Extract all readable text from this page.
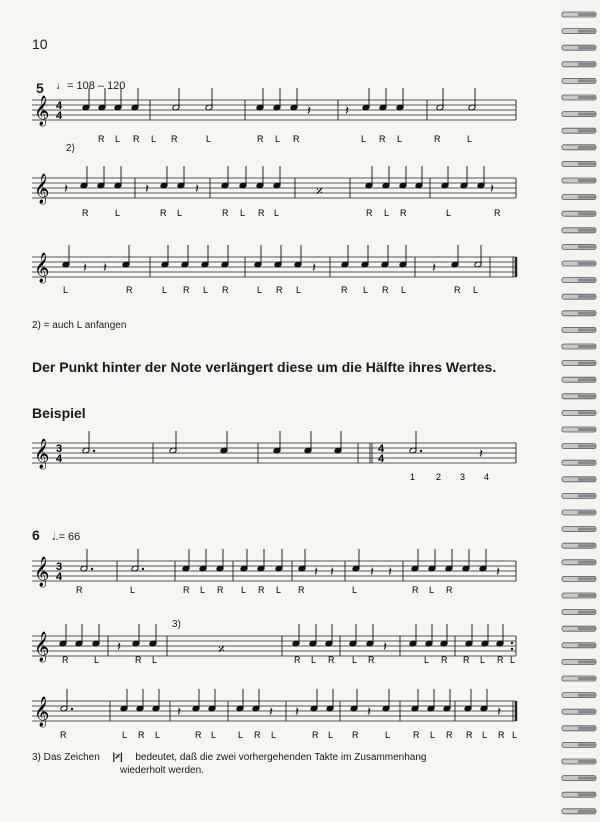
10
5 ♩= 108 – 120
2)
2) = auch L anfangen
Der Punkt hinter der Note verlängert diese um die Hälfte ihres Wertes.
Beispiel
6 𝅗𝅥.= 66
3)
3) Das Zeichen |𝄎| bedeutet, daß die zwei vorhergehenden Takte im Zusammenhang
wiederholt werden.
𝄞 4
4	𝄽	𝄽
𝄞 𝄽	𝄽	𝄽	𝄎	𝄽
𝄞	𝄽 𝄽	𝄽	𝄽
𝄞 3
4
4
4	𝄽
𝄞 3
4	𝄽 𝄽	𝄽 𝄽	𝄽
𝄞	𝄽	𝄎	𝄽
𝄞	𝄽	𝄽 𝄽	𝄽	𝄽
R L R L R	L	R L R	L R L	R	L
R	L	R L	R L R L	R L R	L	R
L	R	L R L R	L R L	R L R L	R L
1 2 3 4
R	L	R L R L R L R	L	R L R
R	L	R L	R L R L R	L R R L R L
R	L R L	R L L R L	R L R	L	R L R R L R L
